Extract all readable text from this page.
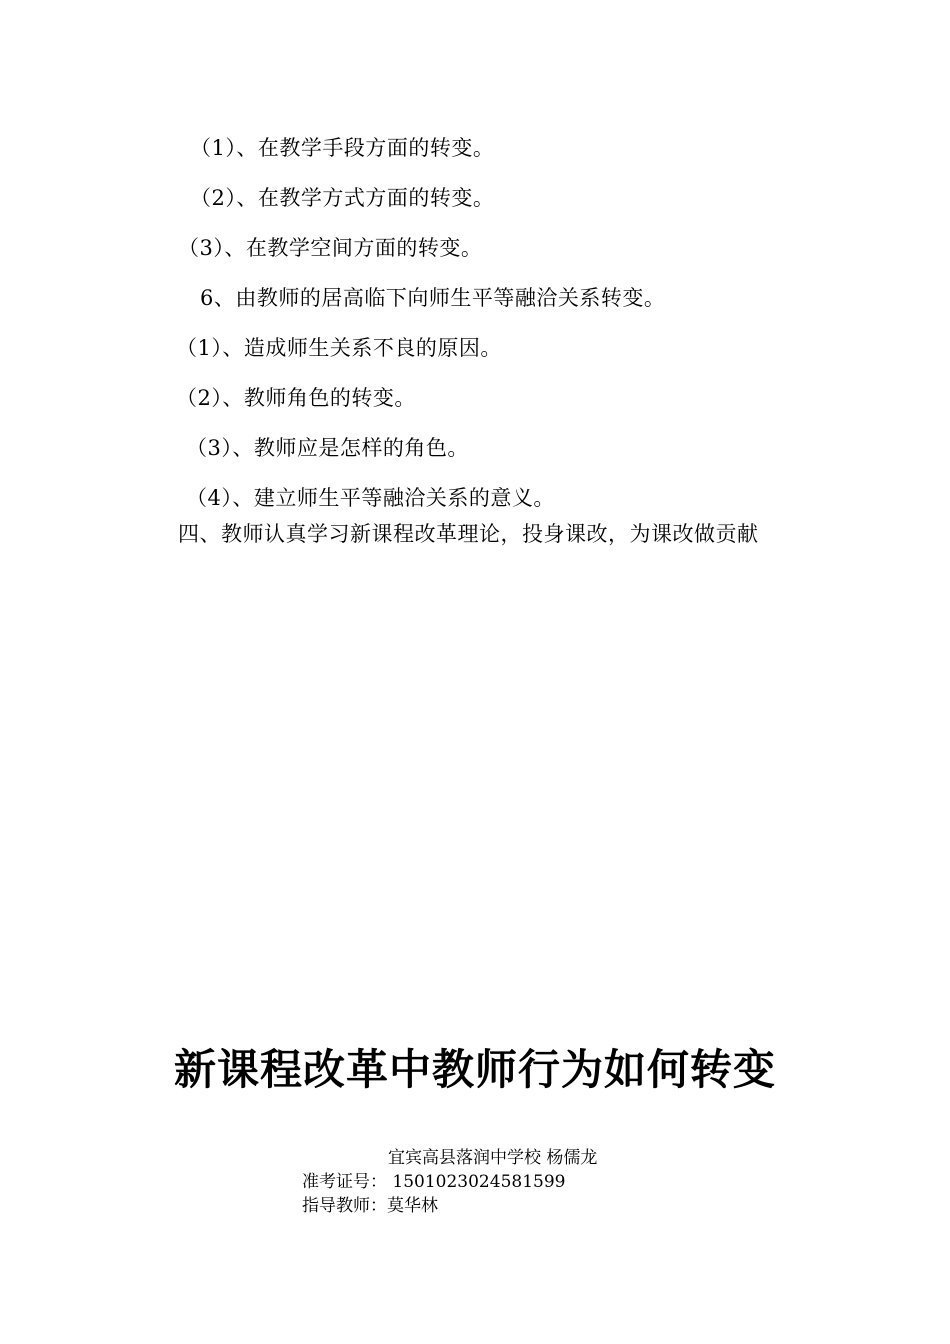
（1）、在教学手段方面的转变。
（2）、在教学方式方面的转变。
（3）、在教学空间方面的转变。
6、由教师的居高临下向师生平等融洽关系转变。
（1）、造成师生关系不良的原因。
（2）、教师角色的转变。
（3）、教师应是怎样的角色。
（4）、建立师生平等融洽关系的意义。
四、教师认真学习新课程改革理论，投身课改，为课改做贡献
新课程改革中教师行为如何转变
宜宾高县落润中学校 杨儒龙
准考证号： 1501023024581599
指导教师：莫华林
